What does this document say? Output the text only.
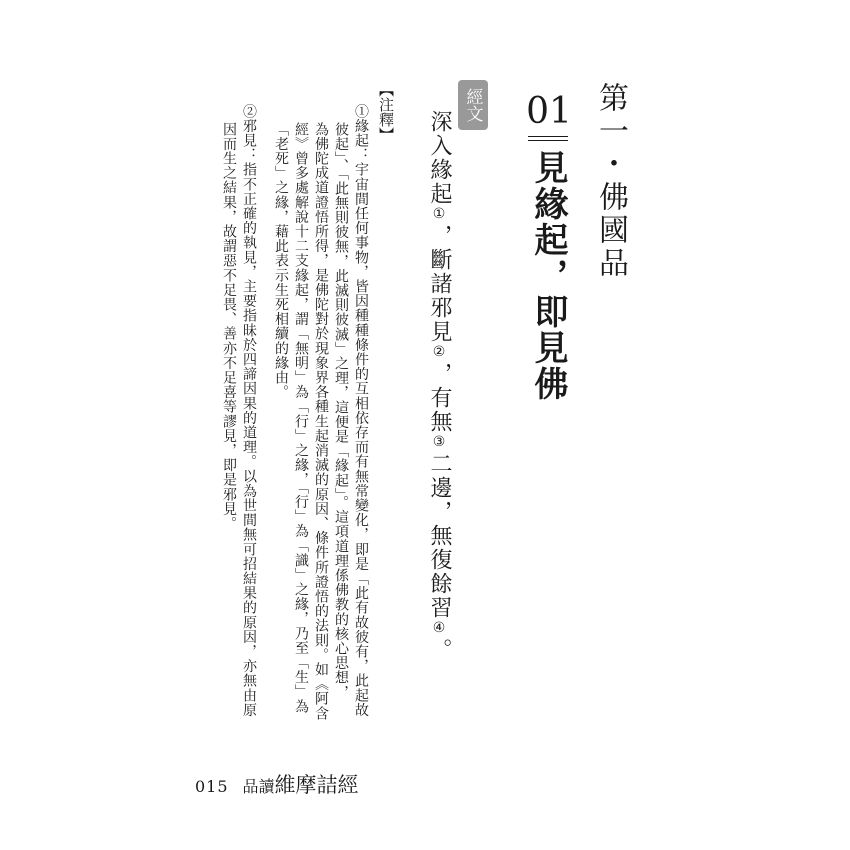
第一・佛國品
01
見緣起，即見佛
經文
深入緣起①，斷諸邪見②，有無③二邊，無復餘習④。
【注釋】
①緣起：宇宙間任何事物，皆因種種條件的互相依存而有無常變化，即是「此有故彼有，此起故
彼起」、「此無則彼無，此滅則彼滅」之理，這便是「緣起」。這項道理係佛教的核心思想，
為佛陀成道證悟所得，是佛陀對於現象界各種生起消滅的原因、條件所證悟的法則。如《阿含
經》曾多處解說十二支緣起，謂「無明」為「行」之緣，「行」為「識」之緣，乃至「生」為
「老死」之緣，藉此表示生死相續的緣由。
②邪見：指不正確的執見，主要指昧於四諦因果的道理。以為世間無可招結果的原因，亦無由原
因而生之結果，故謂惡不足畏、善亦不足喜等謬見，即是邪見。
015 品讀維摩詰經
